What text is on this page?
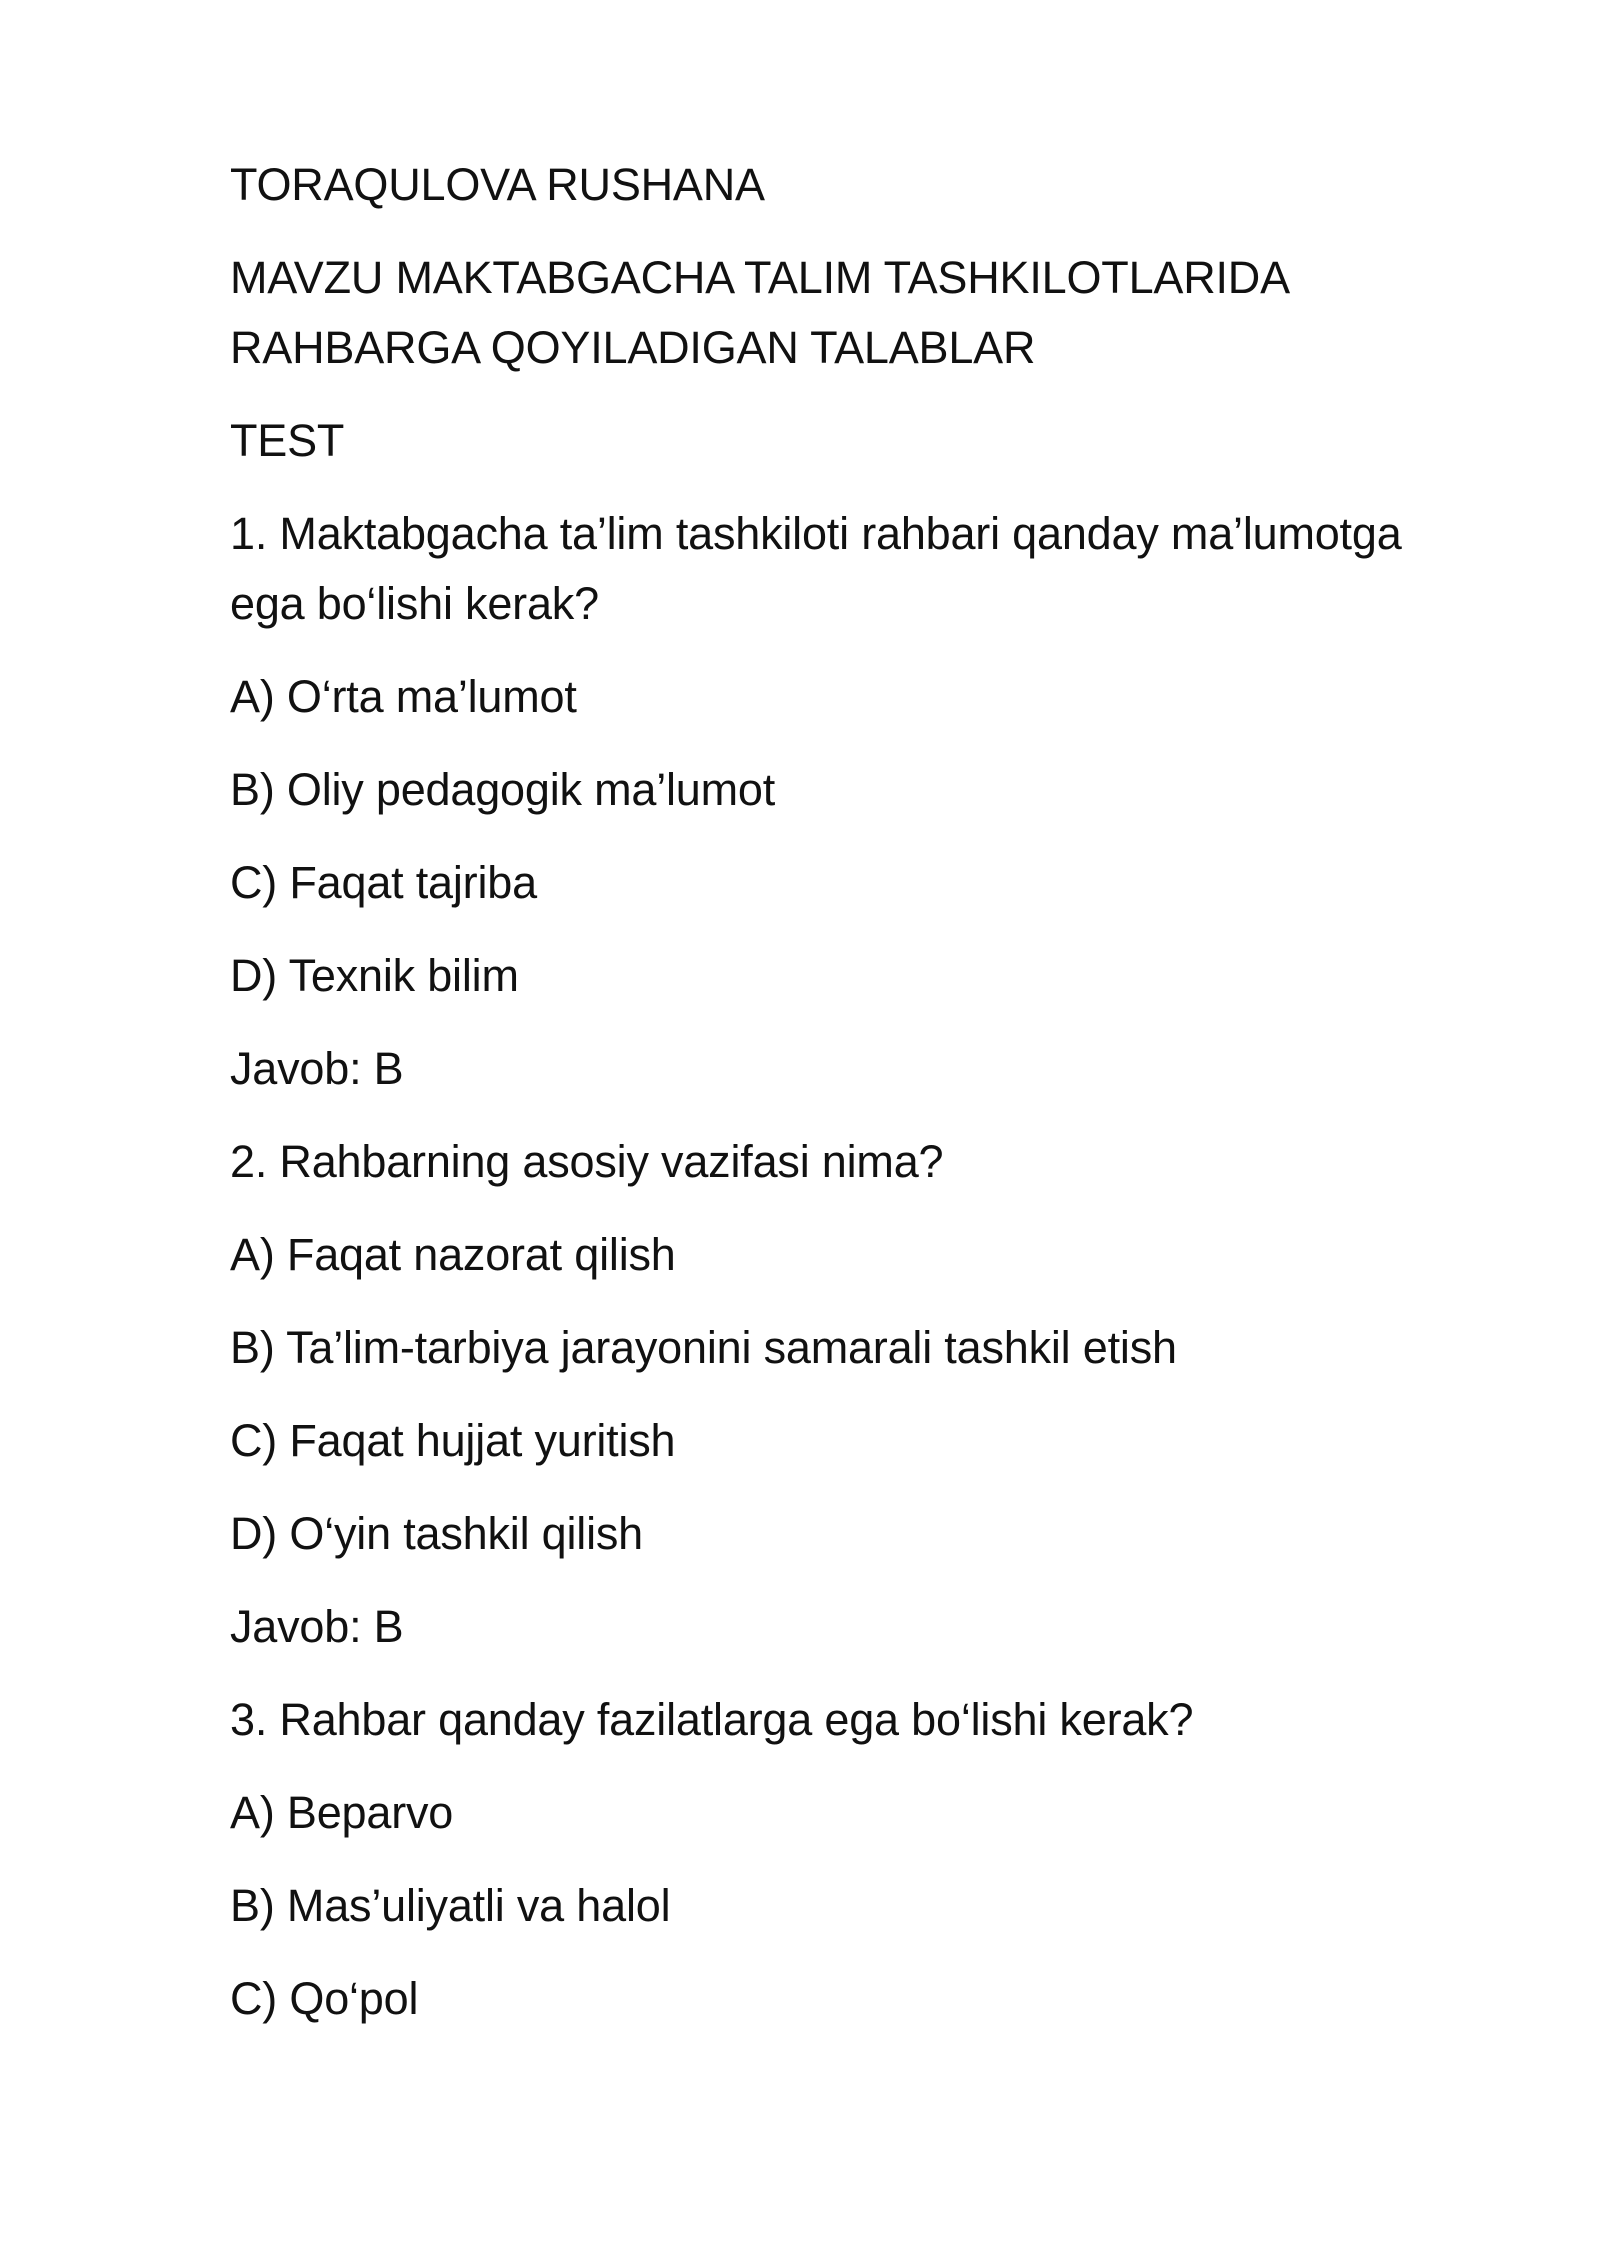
TORAQULOVA RUSHANA

MAVZU MAKTABGACHA TALIM TASHKILOTLARIDA RAHBARGA QOYILADIGAN TALABLAR

TEST

1. Maktabgacha ta’lim tashkiloti rahbari qanday ma’lumotga ega bo‘lishi kerak?

A) O‘rta ma’lumot

B) Oliy pedagogik ma’lumot

C) Faqat tajriba

D) Texnik bilim

Javob: B

2. Rahbarning asosiy vazifasi nima?

A) Faqat nazorat qilish

B) Ta’lim-tarbiya jarayonini samarali tashkil etish

C) Faqat hujjat yuritish

D) O‘yin tashkil qilish

Javob: B

3. Rahbar qanday fazilatlarga ega bo‘lishi kerak?

A) Beparvo

B) Mas’uliyatli va halol

C) Qo‘pol
